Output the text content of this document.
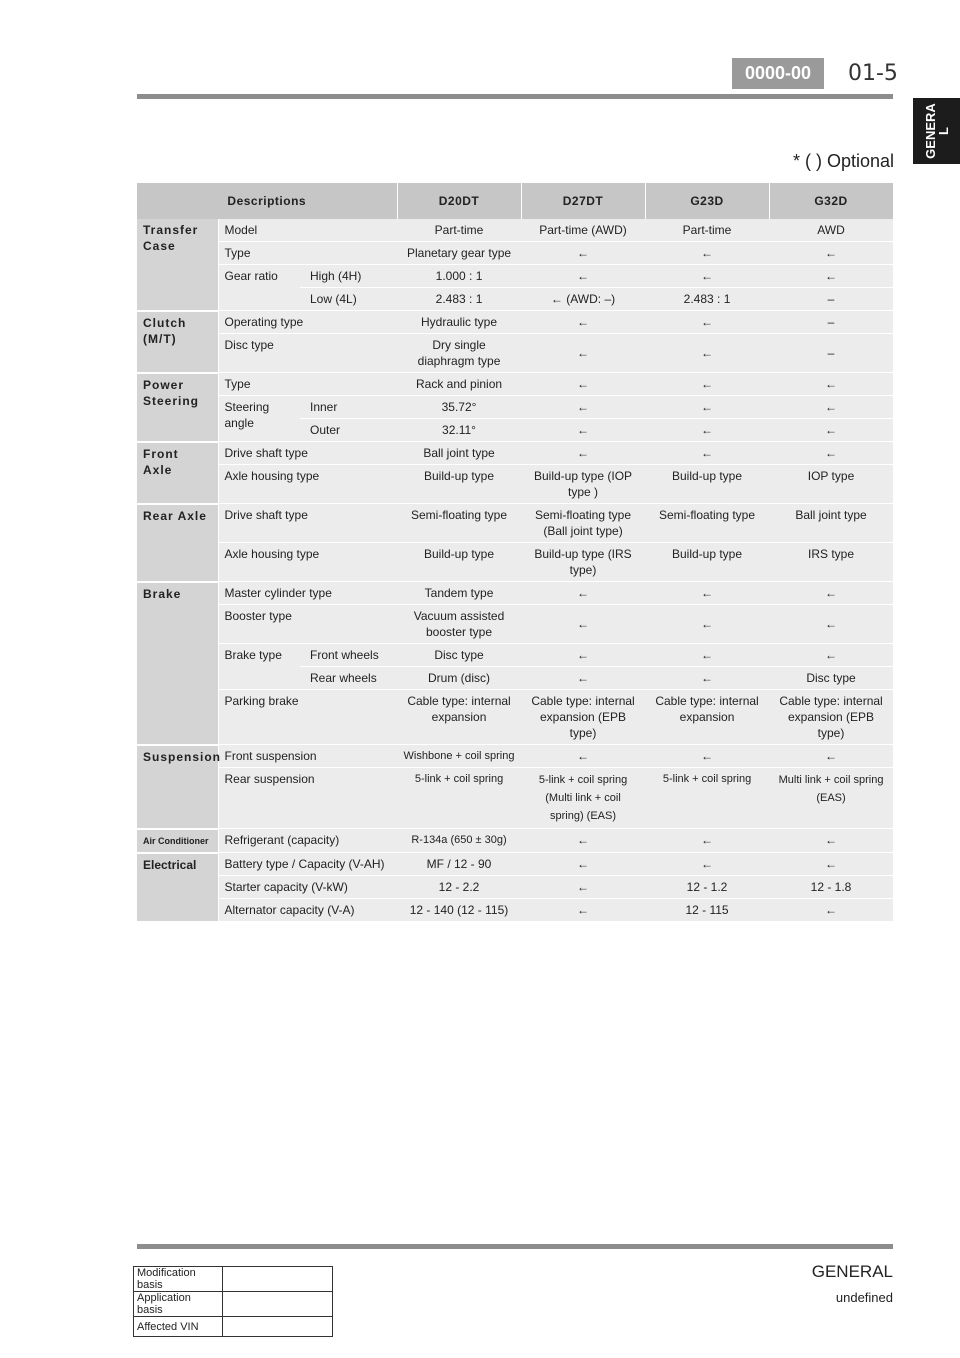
0000-00	01-5
GENERA
L
* ( ) Optional
Descriptions			D20DT	D27DT	G23D	G32D
Transfer Case	Model		Part-time	Part-time (AWD)	Part-time	AWD
	Type		Planetary gear type	←	←	←
	Gear ratio	High (4H)	1.000 : 1	←	←	←
		Low (4L)	2.483 : 1	← (AWD: –)	2.483 : 1	–
Clutch (M/T)	Operating type		Hydraulic type	←	←	–
	Disc type		Dry single diaphragm type	←	←	–
Power Steering	Type		Rack and pinion	←	←	←
	Steering angle	Inner	35.72°	←	←	←
		Outer	32.11°	←	←	←
Front Axle	Drive shaft type		Ball joint type	←	←	←
	Axle housing type		Build-up type	Build-up type (IOP type )	Build-up type	IOP type
Rear Axle	Drive shaft type		Semi-floating type	Semi-floating type (Ball joint type)	Semi-floating type	Ball joint type
	Axle housing type		Build-up type	Build-up type (IRS type)	Build-up type	IRS type
Brake	Master cylinder type		Tandem type	←	←	←
	Booster type		Vacuum assisted booster type	←	←	←
	Brake type	Front wheels	Disc type	←	←	←
		Rear wheels	Drum (disc)	←	←	Disc type
	Parking brake		Cable type: internal expansion	Cable type: internal expansion (EPB type)	Cable type: internal expansion	Cable type: internal expansion (EPB type)
Suspension	Front suspension		Wishbone + coil spring	←	←	←
	Rear suspension		5-link + coil spring	5-link + coil spring (Multi link + coil spring) (EAS)	5-link + coil spring	Multi link + coil spring (EAS)
Air Conditioner	Refrigerant (capacity)		R-134a (650 ± 30g)	←	←	←
Electrical	Battery type / Capacity (V-AH)		MF / 12 - 90	←	←	←
	Starter capacity (V-kW)		12 - 2.2	←	12 - 1.2	12 - 1.8
	Alternator capacity (V-A)		12 - 140 (12 - 115)	←	12 - 115	←
GENERAL
undefined
Modification basis	
Application basis	
Affected VIN	
